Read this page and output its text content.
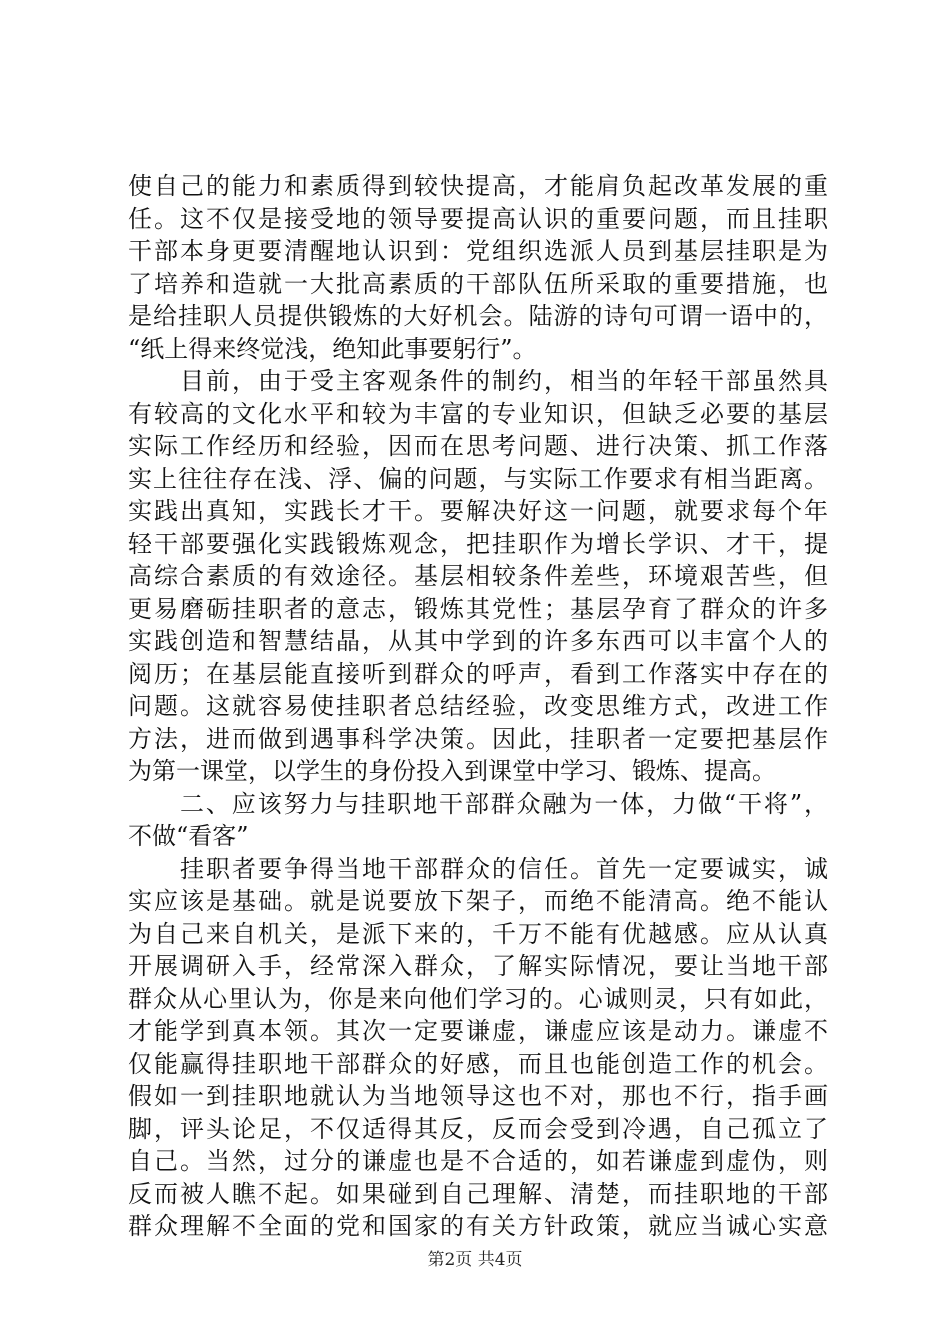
使自己的能力和素质得到较快提高，才能肩负起改革发展的重
任。这不仅是接受地的领导要提高认识的重要问题，而且挂职
干部本身更要清醒地认识到：党组织选派人员到基层挂职是为
了培养和造就一大批高素质的干部队伍所采取的重要措施，也
是给挂职人员提供锻炼的大好机会。陆游的诗句可谓一语中的，
“纸上得来终觉浅，绝知此事要躬行”。
目前，由于受主客观条件的制约，相当的年轻干部虽然具
有较高的文化水平和较为丰富的专业知识，但缺乏必要的基层
实际工作经历和经验，因而在思考问题、进行决策、抓工作落
实上往往存在浅、浮、偏的问题，与实际工作要求有相当距离。
实践出真知，实践长才干。要解决好这一问题，就要求每个年
轻干部要强化实践锻炼观念，把挂职作为增长学识、才干，提
高综合素质的有效途径。基层相较条件差些，环境艰苦些，但
更易磨砺挂职者的意志，锻炼其党性；基层孕育了群众的许多
实践创造和智慧结晶，从其中学到的许多东西可以丰富个人的
阅历；在基层能直接听到群众的呼声，看到工作落实中存在的
问题。这就容易使挂职者总结经验，改变思维方式，改进工作
方法，进而做到遇事科学决策。因此，挂职者一定要把基层作
为第一课堂，以学生的身份投入到课堂中学习、锻炼、提高。
二、应该努力与挂职地干部群众融为一体，力做“干将”，
不做“看客”
挂职者要争得当地干部群众的信任。首先一定要诚实，诚
实应该是基础。就是说要放下架子，而绝不能清高。绝不能认
为自己来自机关，是派下来的，千万不能有优越感。应从认真
开展调研入手，经常深入群众，了解实际情况，要让当地干部
群众从心里认为，你是来向他们学习的。心诚则灵，只有如此，
才能学到真本领。其次一定要谦虚，谦虚应该是动力。谦虚不
仅能赢得挂职地干部群众的好感，而且也能创造工作的机会。
假如一到挂职地就认为当地领导这也不对，那也不行，指手画
脚，评头论足，不仅适得其反，反而会受到冷遇，自己孤立了
自己。当然，过分的谦虚也是不合适的，如若谦虚到虚伪，则
反而被人瞧不起。如果碰到自己理解、清楚，而挂职地的干部
群众理解不全面的党和国家的有关方针政策，就应当诚心实意
第2页 共4页
